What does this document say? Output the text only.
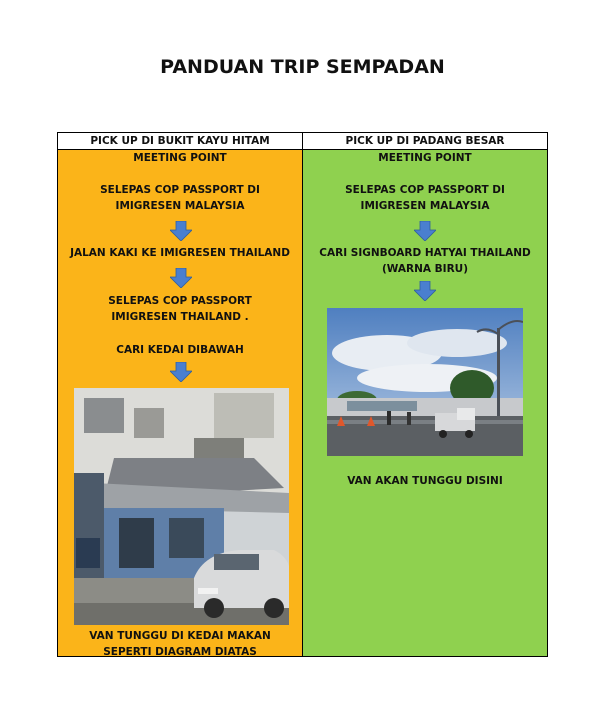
PANDUAN TRIP SEMPADAN
PICK UP DI BUKIT KAYU HITAM
MEETING POINT
SELEPAS COP PASSPORT DI IMIGRESEN MALAYSIA
JALAN KAKI KE IMIGRESEN THAILAND
SELEPAS COP PASSPORT IMIGRESEN THAILAND .
CARI KEDAI DIBAWAH
VAN TUNGGU DI KEDAI MAKAN SEPERTI DIAGRAM DIATAS
PICK UP DI PADANG BESAR
MEETING POINT
SELEPAS COP PASSPORT DI IMIGRESEN MALAYSIA
CARI SIGNBOARD HATYAI THAILAND (WARNA BIRU)
VAN AKAN TUNGGU DISINI
